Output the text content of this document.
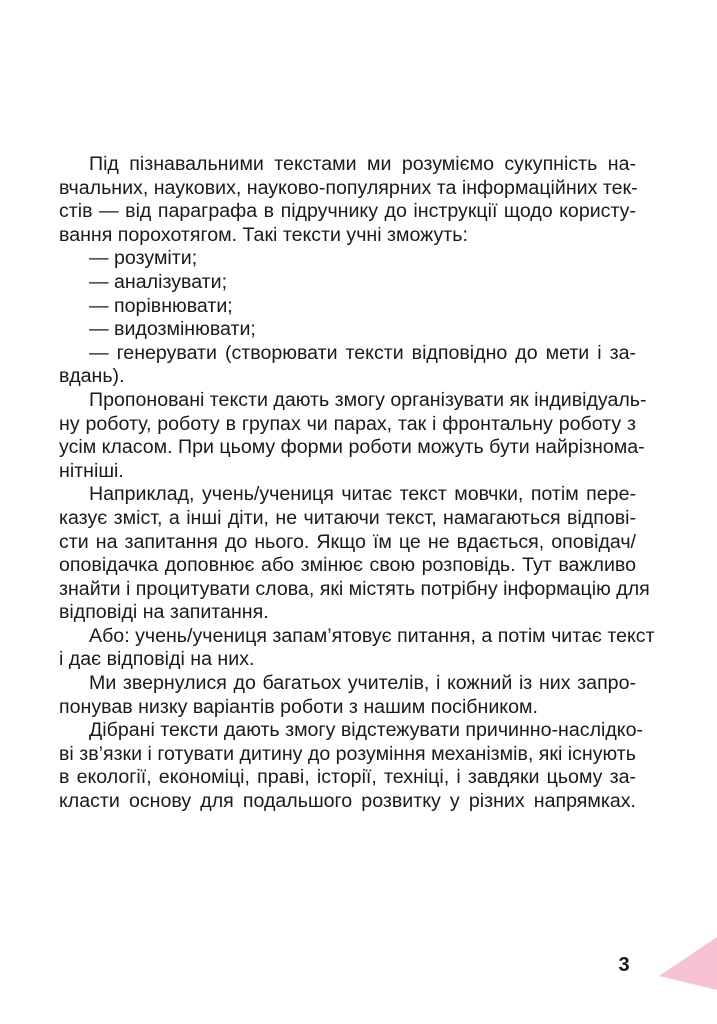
Під пізнавальними текстами ми розуміємо сукупність на-
вчальних, наукових, науково-популярних та інформаційних тек-
стів — від параграфа в підручнику до інструкції щодо користу-
вання порохотягом. Такі тексти учні зможуть:
— розуміти;
— аналізувати;
— порівнювати;
— видозмінювати;
— генерувати (створювати тексти відповідно до мети і за-
вдань).
Пропоновані тексти дають змогу організувати як індивідуаль-
ну роботу, роботу в групах чи парах, так і фронтальну роботу з
усім класом. При цьому форми роботи можуть бути найрізнома-
нітніші.
Наприклад, учень/учениця читає текст мовчки, потім пере-
казує зміст, а інші діти, не читаючи текст, намагаються відпові-
сти на запитання до нього. Якщо їм це не вдається, оповідач/
оповідачка доповнює або змінює свою розповідь. Тут важливо
знайти і процитувати слова, які містять потрібну інформацію для
відповіді на запитання.
Або: учень/учениця запам’ятовує питання, а потім читає текст
і дає відповіді на них.
Ми звернулися до багатьох учителів, і кожний із них запро-
понував низку варіантів роботи з нашим посібником.
Дібрані тексти дають змогу відстежувати причинно-наслідко-
ві зв’язки і готувати дитину до розуміння механізмів, які існують
в екології, економіці, праві, історії, техніці, і завдяки цьому за-
класти основу для подальшого розвитку у різних напрямках.
3
